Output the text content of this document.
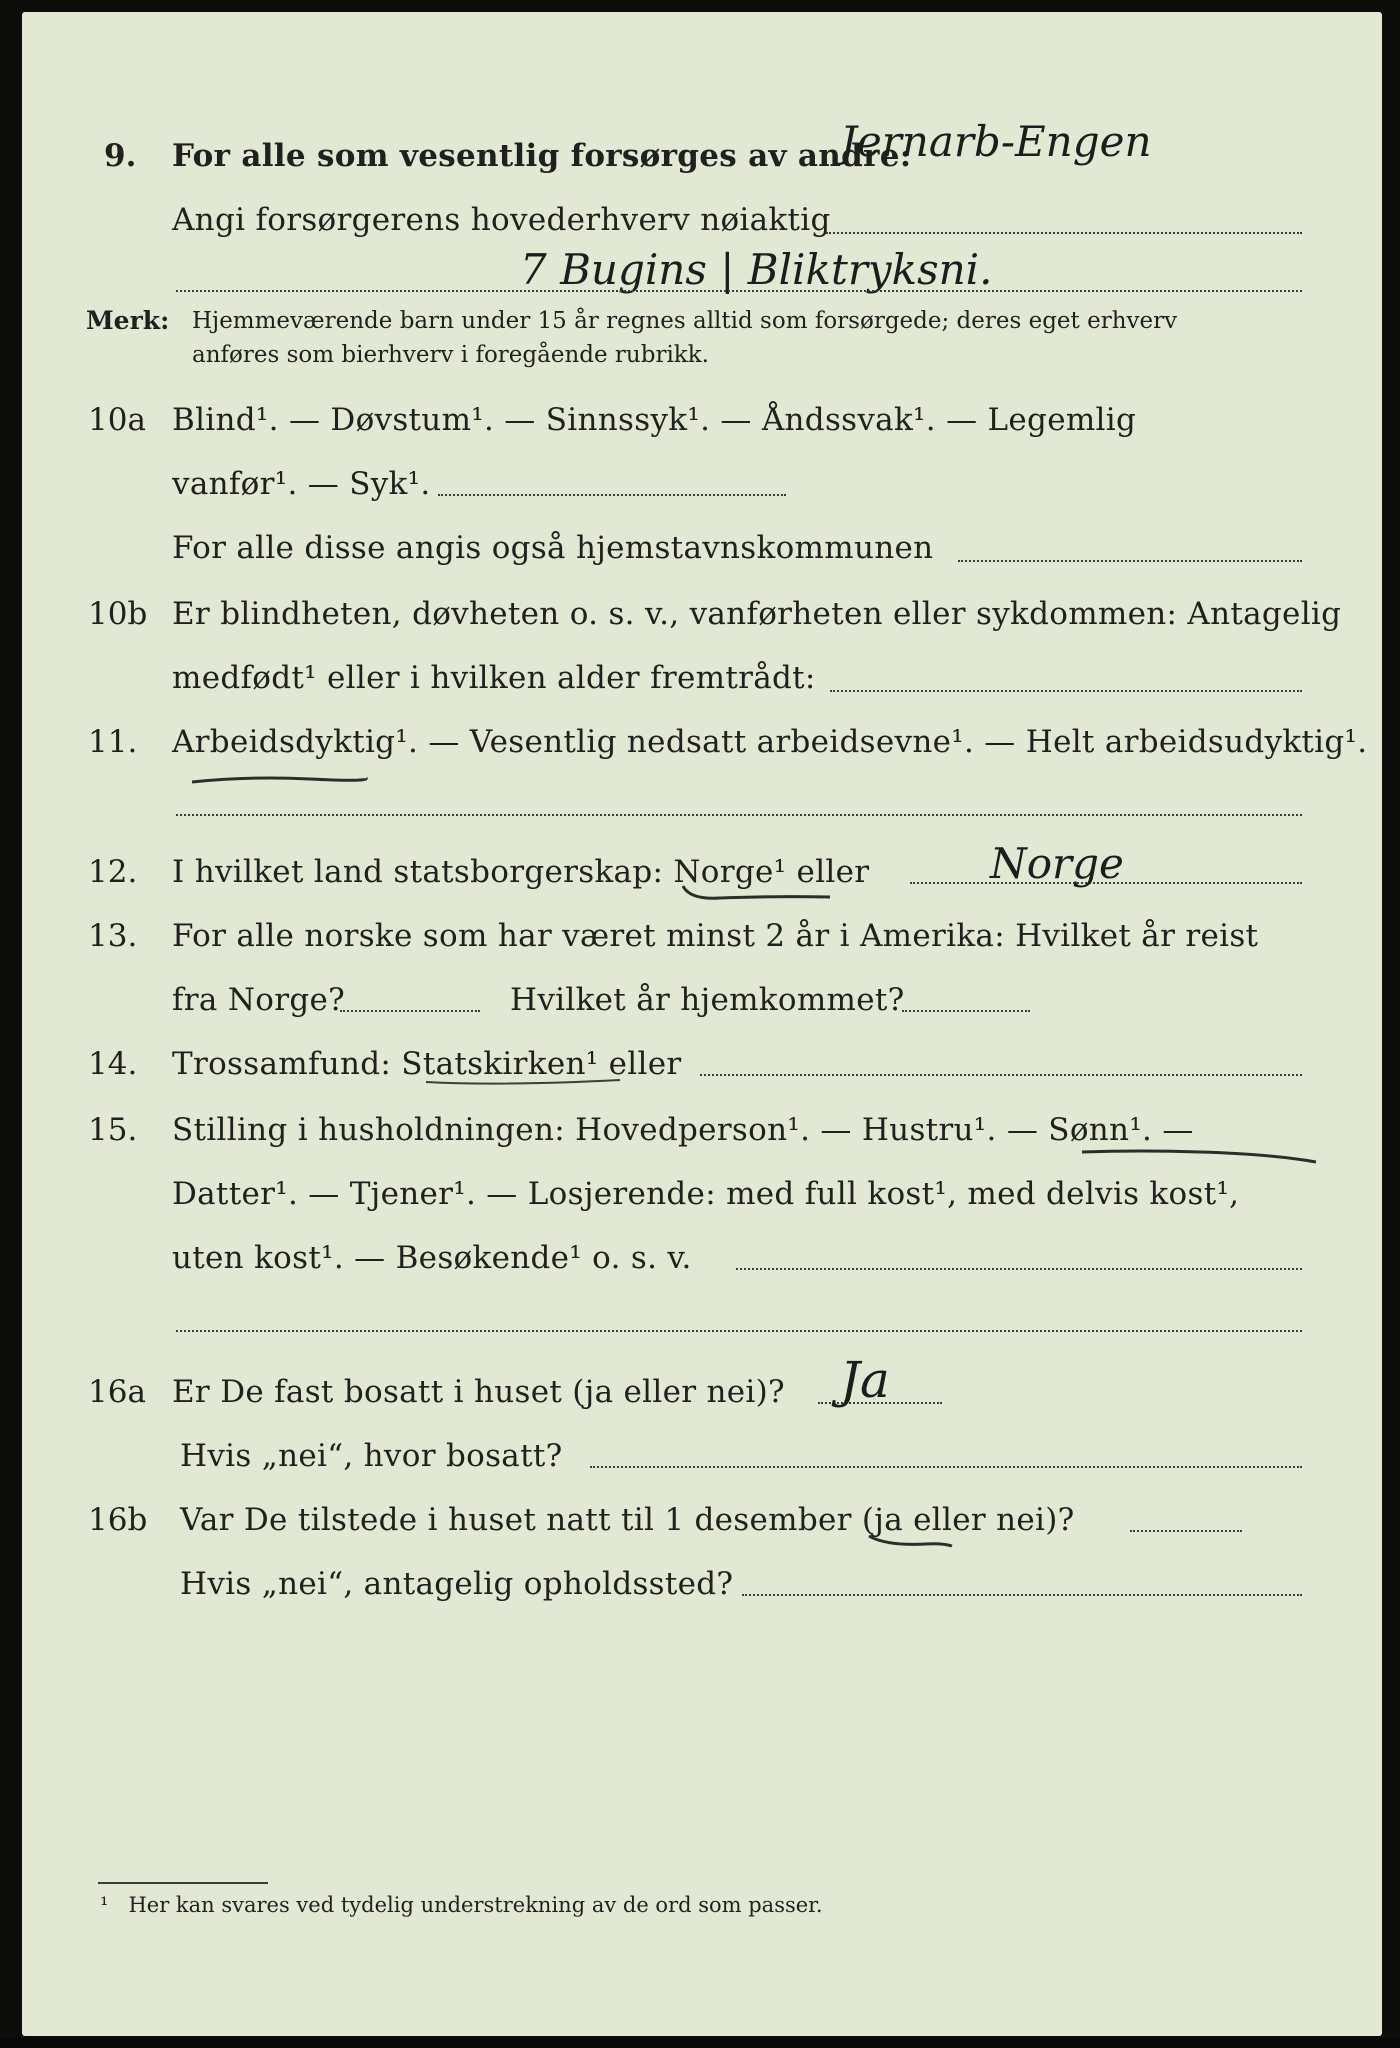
9. For alle som vesentlig forsørges av andre:
Jernarb-Engen
Angi forsørgerens hovederhverv nøiaktig
7 Bugins | Bliktryksni.
Merk: Hjemmeværende barn under 15 år regnes alltid som forsørgede; deres eget erhverv
anføres som bierhverv i foregående rubrikk.
10a Blind¹. — Døvstum¹. — Sinnssyk¹. — Åndssvak¹. — Legemlig
vanfør¹. — Syk¹.
For alle disse angis også hjemstavnskommunen
10b Er blindheten, døvheten o. s. v., vanførheten eller sykdommen: Antagelig
medfødt¹ eller i hvilken alder fremtrådt:
11. Arbeidsdyktig¹. — Vesentlig nedsatt arbeidsevne¹. — Helt arbeidsudyktig¹.
12. I hvilket land statsborgerskap: Norge¹ eller	Norge
13. For alle norske som har været minst 2 år i Amerika: Hvilket år reist
fra Norge?	Hvilket år hjemkommet?
14. Trossamfund: Statskirken¹ eller
15. Stilling i husholdningen: Hovedperson¹. — Hustru¹. — Sønn¹. —
Datter¹. — Tjener¹. — Losjerende: med full kost¹, med delvis kost¹,
uten kost¹. — Besøkende¹ o. s. v.
16a Er De fast bosatt i huset (ja eller nei)? Ja
Hvis „nei“, hvor bosatt?
16b Var De tilstede i huset natt til 1 desember (ja eller nei)?
Hvis „nei“, antagelig opholdssted?
¹ Her kan svares ved tydelig understrekning av de ord som passer.
